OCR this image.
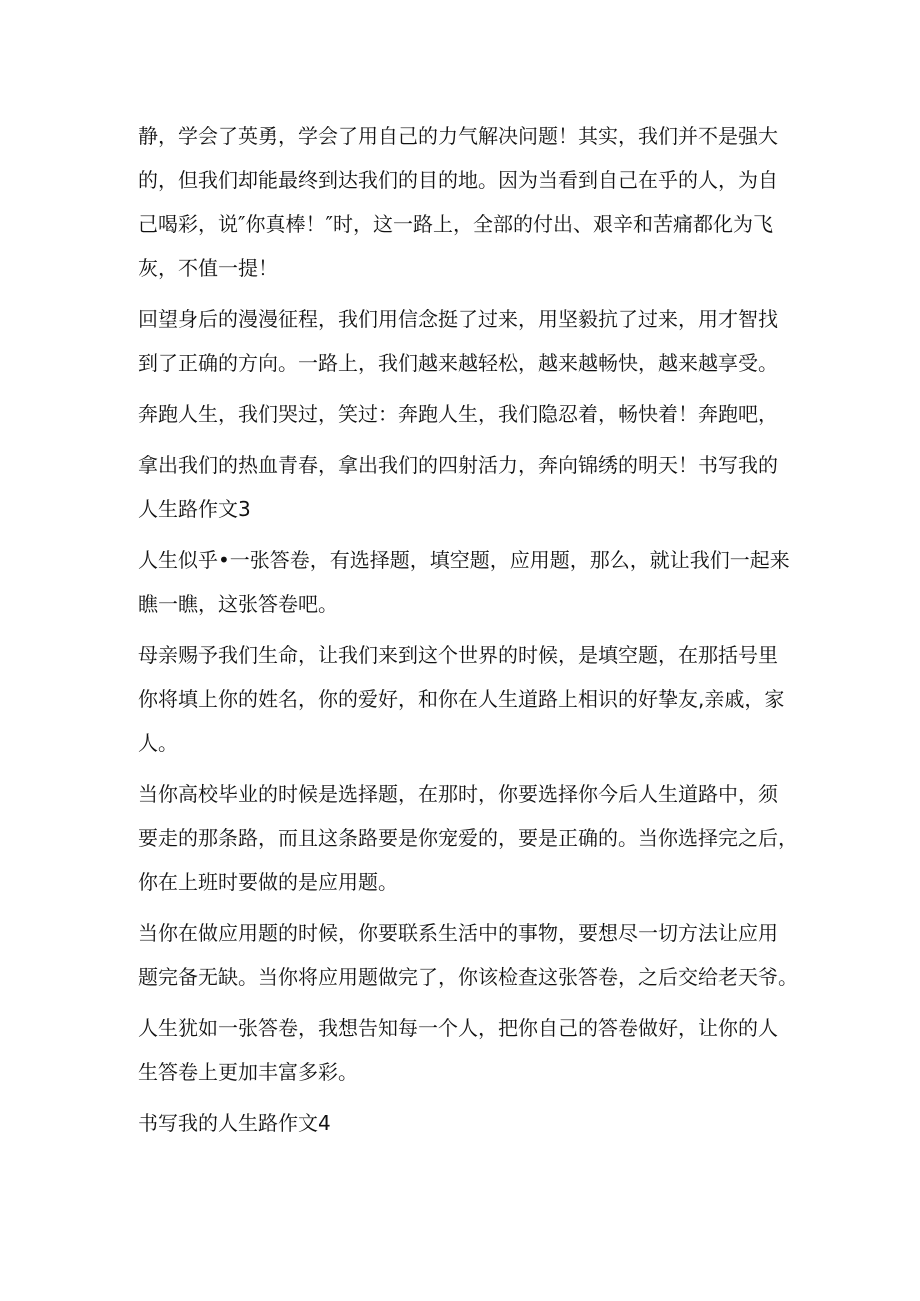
静，学会了英勇，学会了用自己的力气解决问题！其实，我们并不是强大
的，但我们却能最终到达我们的目的地。因为当看到自己在乎的人，为自
己喝彩，说″你真棒！″时，这一路上，全部的付出、艰辛和苦痛都化为飞
灰，不值一提！
回望身后的漫漫征程，我们用信念挺了过来，用坚毅抗了过来，用才智找
到了正确的方向。一路上，我们越来越轻松，越来越畅快，越来越享受。
奔跑人生，我们哭过，笑过：奔跑人生，我们隐忍着，畅快着！奔跑吧，
拿出我们的热血青春，拿出我们的四射活力，奔向锦绣的明天！书写我的
人生路作文3
人生似乎•一张答卷，有选择题，填空题，应用题，那么，就让我们一起来
瞧一瞧，这张答卷吧。
母亲赐予我们生命，让我们来到这个世界的时候，是填空题，在那括号里
你将填上你的姓名，你的爱好，和你在人生道路上相识的好挚友,亲戚，家
人。
当你高校毕业的时候是选择题，在那时，你要选择你今后人生道路中，须
要走的那条路，而且这条路要是你宠爱的，要是正确的。当你选择完之后，
你在上班时要做的是应用题。
当你在做应用题的时候，你要联系生活中的事物，要想尽一切方法让应用
题完备无缺。当你将应用题做完了，你该检查这张答卷，之后交给老天爷。
人生犹如一张答卷，我想告知每一个人，把你自己的答卷做好，让你的人
生答卷上更加丰富多彩。
书写我的人生路作文4
